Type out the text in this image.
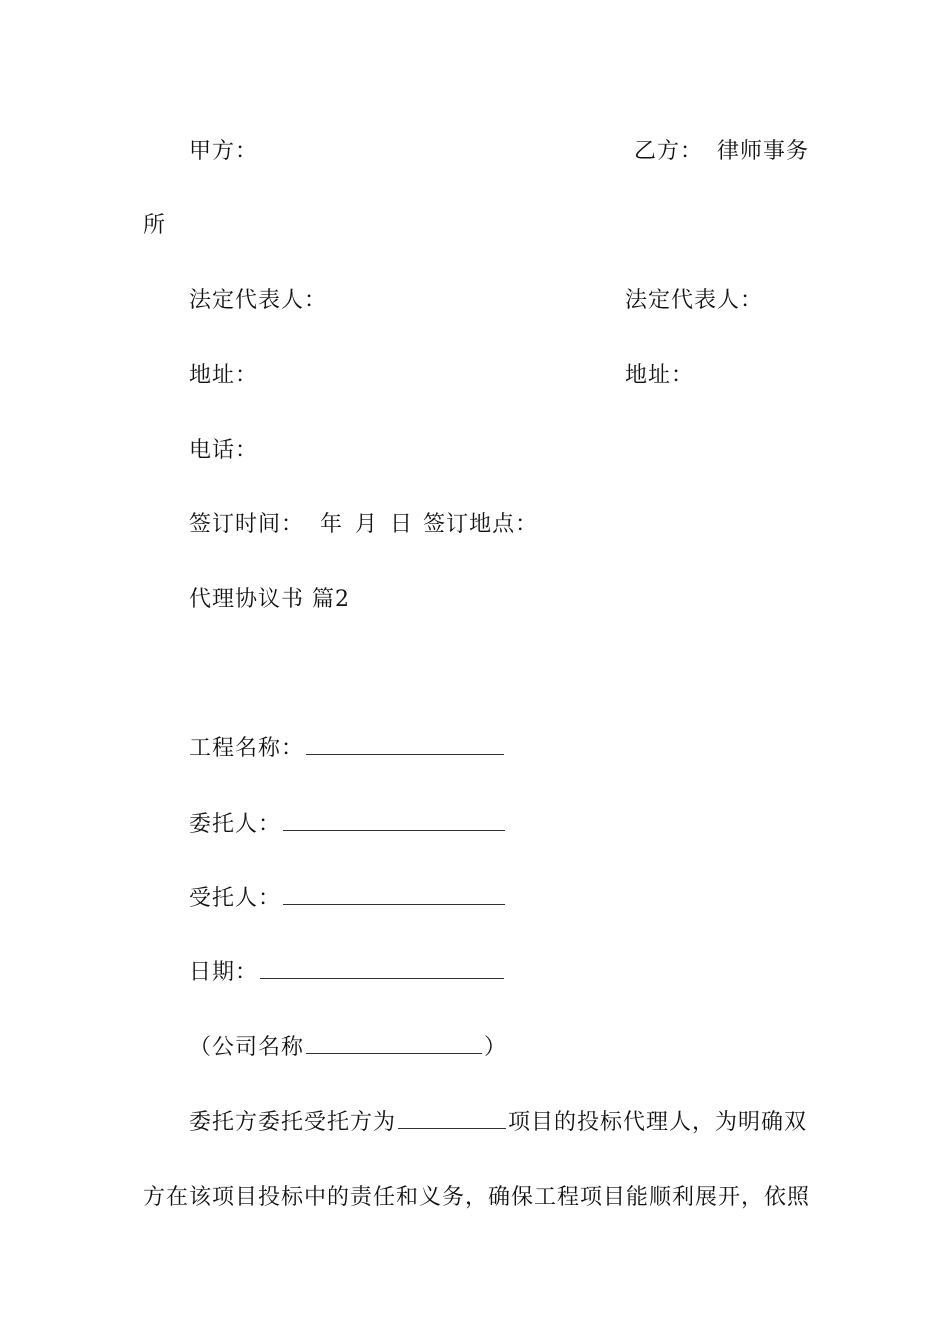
甲方：	乙方： 律师事务
所
法定代表人：	法定代表人：
地址：	地址：
电话：
签订时间： 年 月 日 签订地点：
代理协议书 篇2
工程名称：
委托人：
受托人：
日期：
（公司名称	）
委托方委托受托方为	项目的投标代理人，为明确双
方在该项目投标中的责任和义务，确保工程项目能顺利展开，依照
